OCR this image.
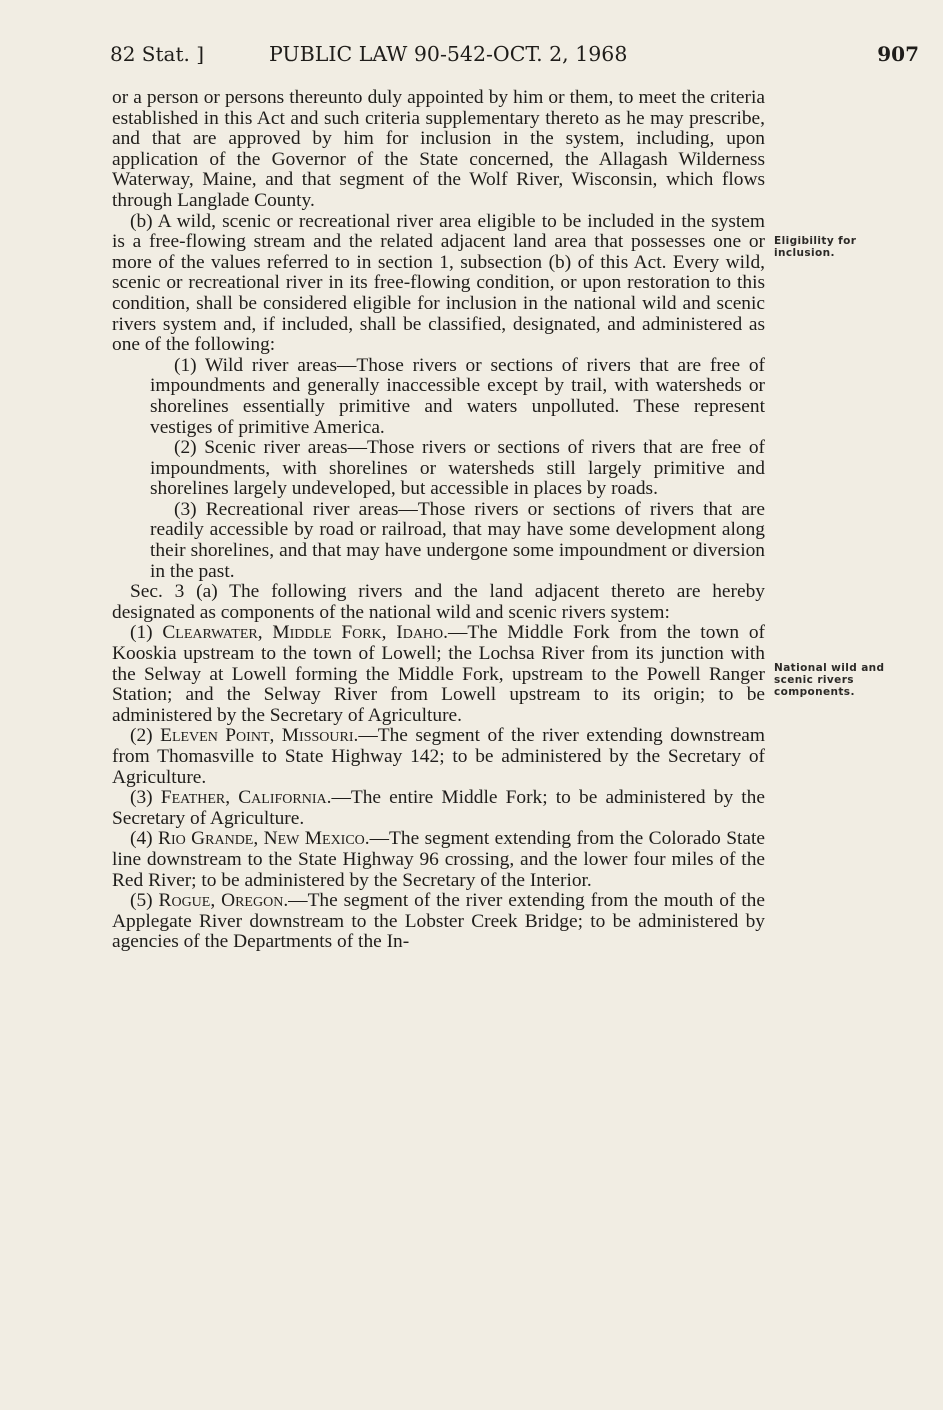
82 Stat. ]	PUBLIC LAW 90-542-OCT. 2, 1968	907

or a person or persons thereunto duly appointed by him or them, to meet the criteria established in this Act and such criteria supplementary thereto as he may prescribe, and that are approved by him for inclusion in the system, including, upon application of the Governor of the State concerned, the Allagash Wilderness Waterway, Maine, and that segment of the Wolf River, Wisconsin, which flows through Langlade County.

(b) A wild, scenic or recreational river area eligible to be included in the system is a free-flowing stream and the related adjacent land area that possesses one or more of the values referred to in section 1, subsection (b) of this Act. Every wild, scenic or recreational river in its free-flowing condition, or upon restoration to this condition, shall be considered eligible for inclusion in the national wild and scenic rivers system and, if included, shall be classified, designated, and administered as one of the following:

(1) Wild river areas—Those rivers or sections of rivers that are free of impoundments and generally inaccessible except by trail, with watersheds or shorelines essentially primitive and waters unpolluted. These represent vestiges of primitive America.

(2) Scenic river areas—Those rivers or sections of rivers that are free of impoundments, with shorelines or watersheds still largely primitive and shorelines largely undeveloped, but accessible in places by roads.

(3) Recreational river areas—Those rivers or sections of rivers that are readily accessible by road or railroad, that may have some development along their shorelines, and that may have undergone some impoundment or diversion in the past.

Sec. 3 (a) The following rivers and the land adjacent thereto are hereby designated as components of the national wild and scenic rivers system:

(1) Clearwater, Middle Fork, Idaho.—The Middle Fork from the town of Kooskia upstream to the town of Lowell; the Lochsa River from its junction with the Selway at Lowell forming the Middle Fork, upstream to the Powell Ranger Station; and the Selway River from Lowell upstream to its origin; to be administered by the Secretary of Agriculture.

(2) Eleven Point, Missouri.—The segment of the river extending downstream from Thomasville to State Highway 142; to be administered by the Secretary of Agriculture.

(3) Feather, California.—The entire Middle Fork; to be administered by the Secretary of Agriculture.

(4) Rio Grande, New Mexico.—The segment extending from the Colorado State line downstream to the State Highway 96 crossing, and the lower four miles of the Red River; to be administered by the Secretary of the Interior.

(5) Rogue, Oregon.—The segment of the river extending from the mouth of the Applegate River downstream to the Lobster Creek Bridge; to be administered by agencies of the Departments of the In-

Eligibility for inclusion.
National wild and scenic rivers components.
